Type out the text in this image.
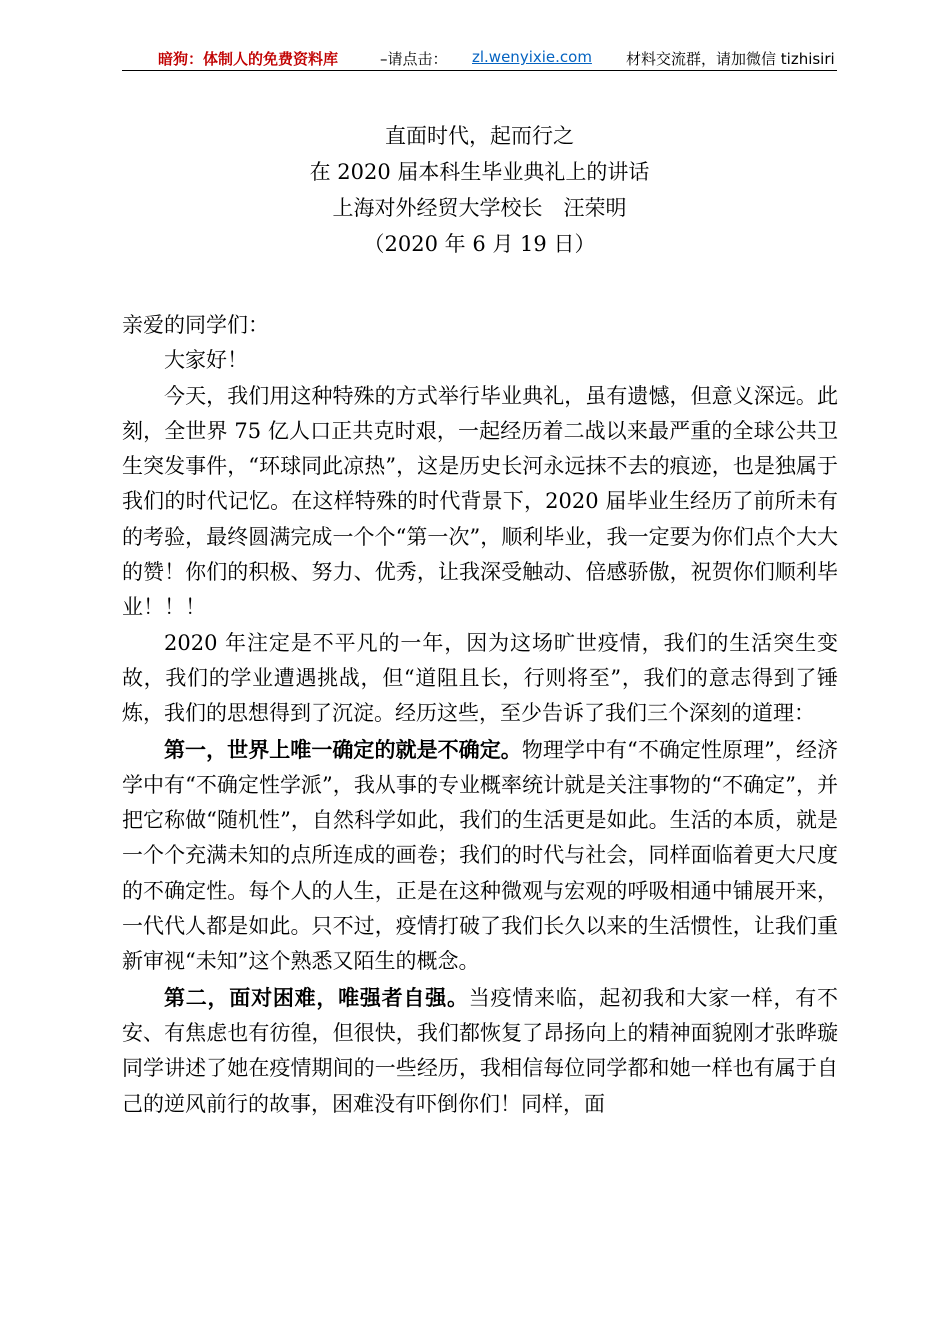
暗狗：体制人的免费资料库	–请点击： zl.wenyixie.com 材料交流群，请加微信 tizhisiri
直面时代，起而行之
在 2020 届本科生毕业典礼上的讲话
上海对外经贸大学校长　汪荣明
（2020 年 6 月 19 日）

亲爱的同学们：

大家好！

今天，我们用这种特殊的方式举行毕业典礼，虽有遗憾，但意义深远。此刻，全世界 75 亿人口正共克时艰，一起经历着二战以来最严重的全球公共卫生突发事件，“环球同此凉热”，这是历史长河永远抹不去的痕迹，也是独属于我们的时代记忆。在这样特殊的时代背景下，2020 届毕业生经历了前所未有的考验，最终圆满完成一个个“第一次”，顺利毕业，我一定要为你们点个大大的赞！你们的积极、努力、优秀，让我深受触动、倍感骄傲，祝贺你们顺利毕业！！！

2020 年注定是不平凡的一年，因为这场旷世疫情，我们的生活突生变故，我们的学业遭遇挑战，但“道阻且长，行则将至”，我们的意志得到了锤炼，我们的思想得到了沉淀。经历这些，至少告诉了我们三个深刻的道理：

第一，世界上唯一确定的就是不确定。物理学中有“不确定性原理”，经济学中有“不确定性学派”，我从事的专业概率统计就是关注事物的“不确定”，并把它称做“随机性”，自然科学如此，我们的生活更是如此。生活的本质，就是一个个充满未知的点所连成的画卷；我们的时代与社会，同样面临着更大尺度的不确定性。每个人的人生，正是在这种微观与宏观的呼吸相通中铺展开来，一代代人都是如此。只不过，疫情打破了我们长久以来的生活惯性，让我们重新审视“未知”这个熟悉又陌生的概念。

第二，面对困难，唯强者自强。当疫情来临，起初我和大家一样，有不安、有焦虑也有彷徨，但很快，我们都恢复了昂扬向上的精神面貌刚才张晔璇同学讲述了她在疫情期间的一些经历，我相信每位同学都和她一样也有属于自己的逆风前行的故事，困难没有吓倒你们！同样，面
